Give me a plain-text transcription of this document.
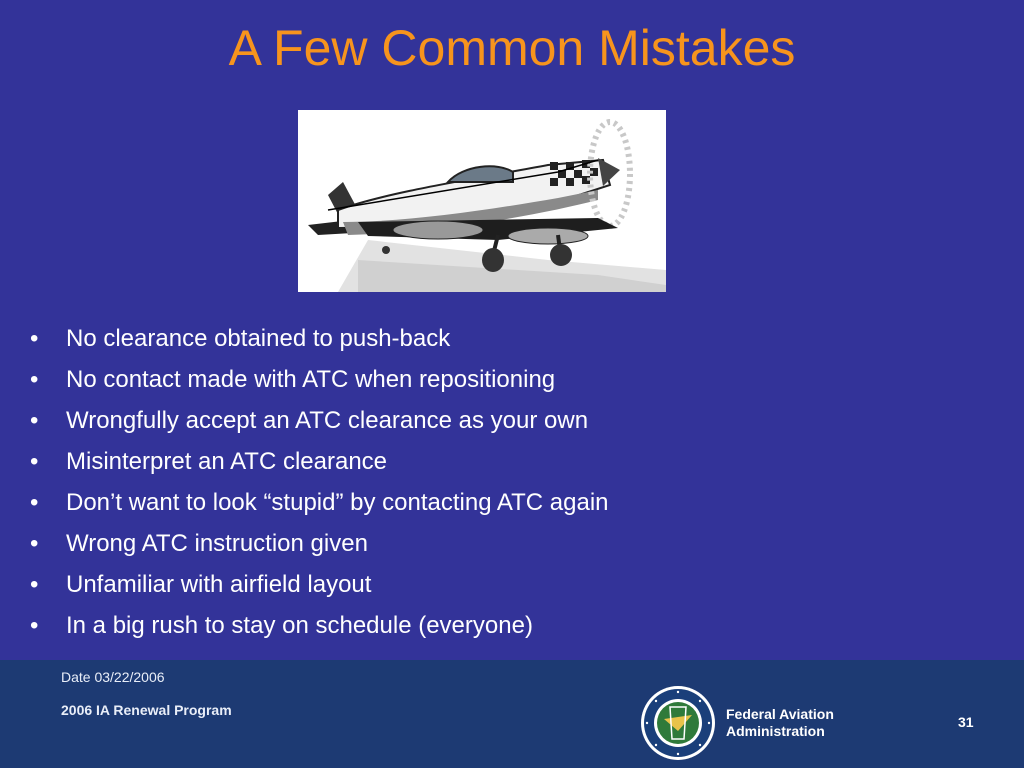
A Few Common Mistakes
• No clearance obtained to push-back
• No contact made with ATC when repositioning
• Wrongfully accept an ATC clearance as your own
• Misinterpret an ATC clearance
• Don’t want to look “stupid” by contacting ATC again
• Wrong ATC instruction given
• Unfamiliar with airfield layout
• In a big rush to stay on schedule (everyone)
Date 03/22/2006
2006 IA Renewal Program	Federal Aviation
Administration
31
